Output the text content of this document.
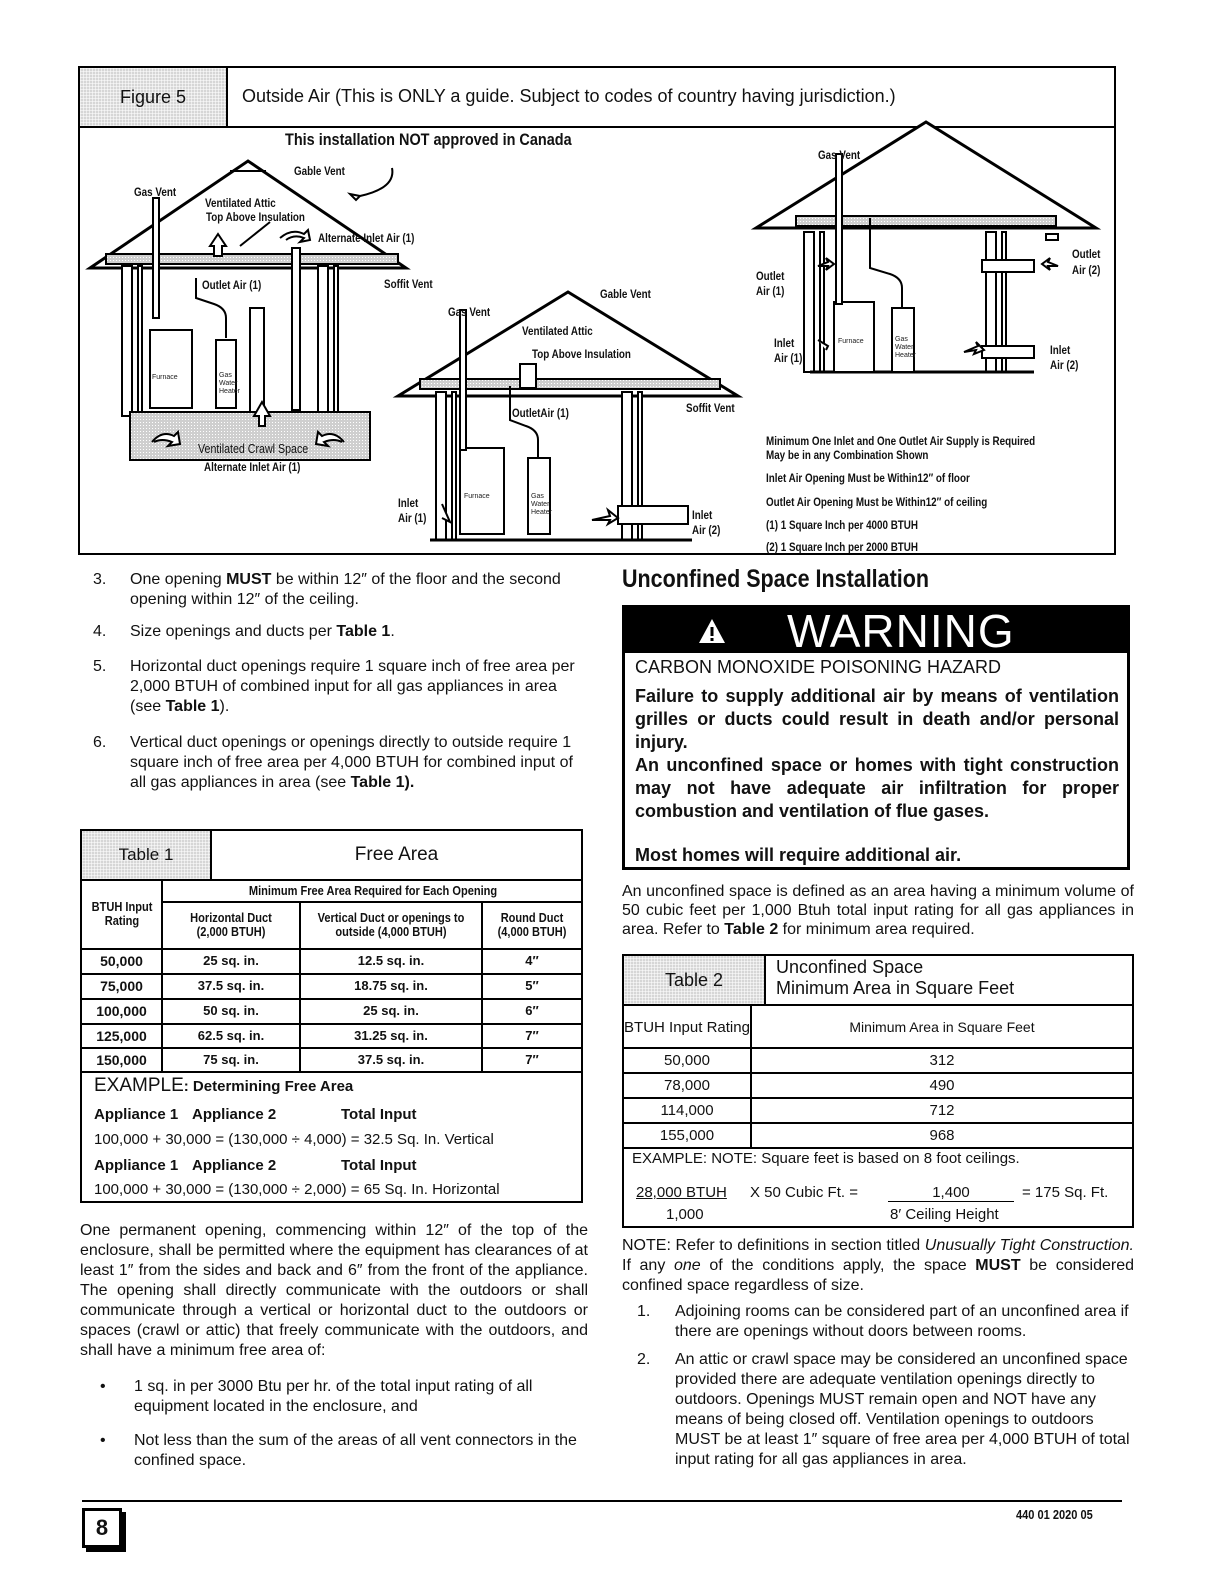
Figure 5	Outside Air (This is ONLY a guide. Subject to codes of country having jurisdiction.)
This installation NOT approved in Canada
Gable Vent
Gas Vent
Ventilated Attic
Top Above Insulation
Alternate Inlet Air (1)
Outlet Air (1)	Soffit Vent
Ventilated Crawl Space
Alternate Inlet Air (1)
Furnace	Gas
Water
Heater
Gable Vent
Gas Vent
Ventilated Attic
Top Above Insulation
Soffit Vent
OutletAir (1)
Inlet
Air (1)	Inlet
Air (2)
Furnace	Gas
Water
Heater
Gas Vent
Outlet
Air (1)
Outlet
Air (2)
Inlet
Air (1)
Inlet
Air (2)
Furnace	Gas
Water
Heater
Minimum One Inlet and One Outlet Air Supply is Required
May be in any Combination Shown
Inlet Air Opening Must be Within12″ of floor
Outlet Air Opening Must be Within12″ of ceiling
(1) 1 Square Inch per 4000 BTUH
(2) 1 Square Inch per 2000 BTUH
3. One opening MUST be within 12″ of the floor and the second opening within 12″ of the ceiling.
4. Size openings and ducts per Table 1.
5. Horizontal duct openings require 1 square inch of free area per 2,000 BTUH of combined input for all gas appliances in area (see Table 1).
6. Vertical duct openings or openings directly to outside require 1 square inch of free area per 4,000 BTUH for combined input of all gas appliances in area (see Table 1).
Table 1	Free Area
BTUH Input Rating
Minimum Free Area Required for Each Opening
Horizontal Duct (2,000 BTUH)
Vertical Duct or openings to outside (4,000 BTUH)
Round Duct (4,000 BTUH)
50,000	25 sq. in.	12.5 sq. in.	4″
75,000	37.5 sq. in.	18.75 sq. in.	5″
100,000	50 sq. in.	25 sq. in.	6″
125,000	62.5 sq. in.	31.25 sq. in.	7″
150,000	75 sq. in.	37.5 sq. in.	7″
EXAMPLE: Determining Free Area
Appliance 1 Appliance 2	Total Input
100,000 + 30,000 = (130,000 ÷ 4,000) = 32.5 Sq. In. Vertical
Appliance 1 Appliance 2	Total Input
100,000 + 30,000 = (130,000 ÷ 2,000) = 65 Sq. In. Horizontal
One permanent opening, commencing within 12″ of the top of the enclosure, shall be permitted where the equipment has clearances of at least 1″ from the sides and back and 6″ from the front of the appliance. The opening shall directly communicate with the outdoors or shall communicate through a vertical or horizontal duct to the outdoors or spaces (crawl or attic) that freely communicate with the outdoors, and shall have a minimum free area of:
• 1 sq. in per 3000 Btu per hr. of the total input rating of all equipment located in the enclosure, and
• Not less than the sum of the areas of all vent connectors in the confined space.
Unconfined Space Installation
WARNING
CARBON MONOXIDE POISONING HAZARD
Failure to supply additional air by means of ventilation grilles or ducts could result in death and/or personal injury.
An unconfined space or homes with tight construction may not have adequate air infiltration for proper combustion and ventilation of flue gases.
Most homes will require additional air.
An unconfined space is defined as an area having a minimum volume of 50 cubic feet per 1,000 Btuh total input rating for all gas appliances in area. Refer to Table 2 for minimum area required.
Table 2
Unconfined Space
Minimum Area in Square Feet
BTUH Input Rating	Minimum Area in Square Feet
50,000	312
78,000	490
114,000	712
155,000	968
EXAMPLE: NOTE: Square feet is based on 8 foot ceilings.
28,000 BTUH X 50 Cubic Ft. =	1,400	= 175 Sq. Ft.
1,000	8′ Ceiling Height
NOTE: Refer to definitions in section titled Unusually Tight Construction. If any one of the conditions apply, the space MUST be considered confined space regardless of size.
1. Adjoining rooms can be considered part of an unconfined area if there are openings without doors between rooms.
2. An attic or crawl space may be considered an unconfined space provided there are adequate ventilation openings directly to outdoors. Openings MUST remain open and NOT have any means of being closed off. Ventilation openings to outdoors MUST be at least 1″ square of free area per 4,000 BTUH of total input rating for all gas appliances in area.
8
440 01 2020 05
